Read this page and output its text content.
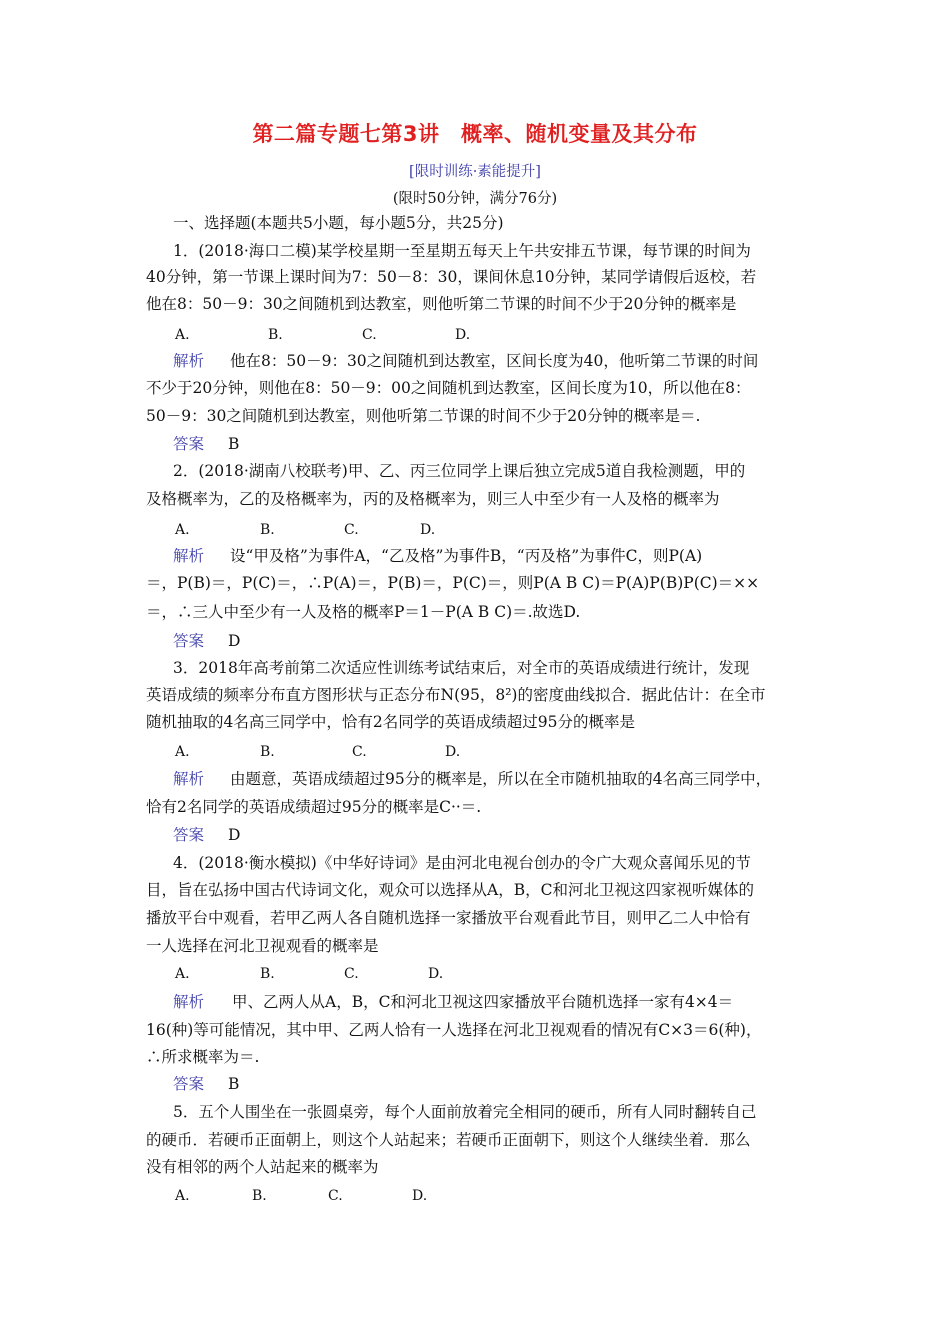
第二篇专题七第3讲　概率、随机变量及其分布
[限时训练·素能提升]
(限时50分钟，满分76分)
一、选择题(本题共5小题，每小题5分，共25分)
1．(2018·海口二模)某学校星期一至星期五每天上午共安排五节课，每节课的时间为
40分钟，第一节课上课时间为7：50－8：30，课间休息10分钟，某同学请假后返校，若
他在8：50－9：30之间随机到达教室，则他听第二节课的时间不少于20分钟的概率是
A.	B.	C.	D.
解析 他在8：50－9：30之间随机到达教室，区间长度为40，他听第二节课的时间
不少于20分钟，则他在8：50－9：00之间随机到达教室，区间长度为10，所以他在8：
50－9：30之间随机到达教室，则他听第二节课的时间不少于20分钟的概率是＝.
答案 B
2．(2018·湖南八校联考)甲、乙、丙三位同学上课后独立完成5道自我检测题，甲的
及格概率为，乙的及格概率为，丙的及格概率为，则三人中至少有一人及格的概率为
A.	B.	C.	D.
解析 设“甲及格”为事件A，“乙及格”为事件B，“丙及格”为事件C，则P(A)
＝，P(B)＝，P(C)＝，∴P(A)＝，P(B)＝，P(C)＝，则P(A B C)＝P(A)P(B)P(C)＝××
＝，∴三人中至少有一人及格的概率P＝1－P(A B C)＝.故选D.
答案 D
3．2018年高考前第二次适应性训练考试结束后，对全市的英语成绩进行统计，发现
英语成绩的频率分布直方图形状与正态分布N(95，8²)的密度曲线拟合．据此估计：在全市
随机抽取的4名高三同学中，恰有2名同学的英语成绩超过95分的概率是
A.	B.	C.	D.
解析 由题意，英语成绩超过95分的概率是，所以在全市随机抽取的4名高三同学中，
恰有2名同学的英语成绩超过95分的概率是C··＝.
答案 D
4．(2018·衡水模拟)《中华好诗词》是由河北电视台创办的令广大观众喜闻乐见的节
目，旨在弘扬中国古代诗词文化，观众可以选择从A，B，C和河北卫视这四家视听媒体的
播放平台中观看，若甲乙两人各自随机选择一家播放平台观看此节目，则甲乙二人中恰有
一人选择在河北卫视观看的概率是
A.	B.	C.	D.
解析 甲、乙两人从A，B，C和河北卫视这四家播放平台随机选择一家有4×4＝
16(种)等可能情况，其中甲、乙两人恰有一人选择在河北卫视观看的情况有C×3＝6(种)，
∴所求概率为＝.
答案 B
5．五个人围坐在一张圆桌旁，每个人面前放着完全相同的硬币，所有人同时翻转自己
的硬币．若硬币正面朝上，则这个人站起来；若硬币正面朝下，则这个人继续坐着．那么
没有相邻的两个人站起来的概率为
A.	B.	C.	D.
